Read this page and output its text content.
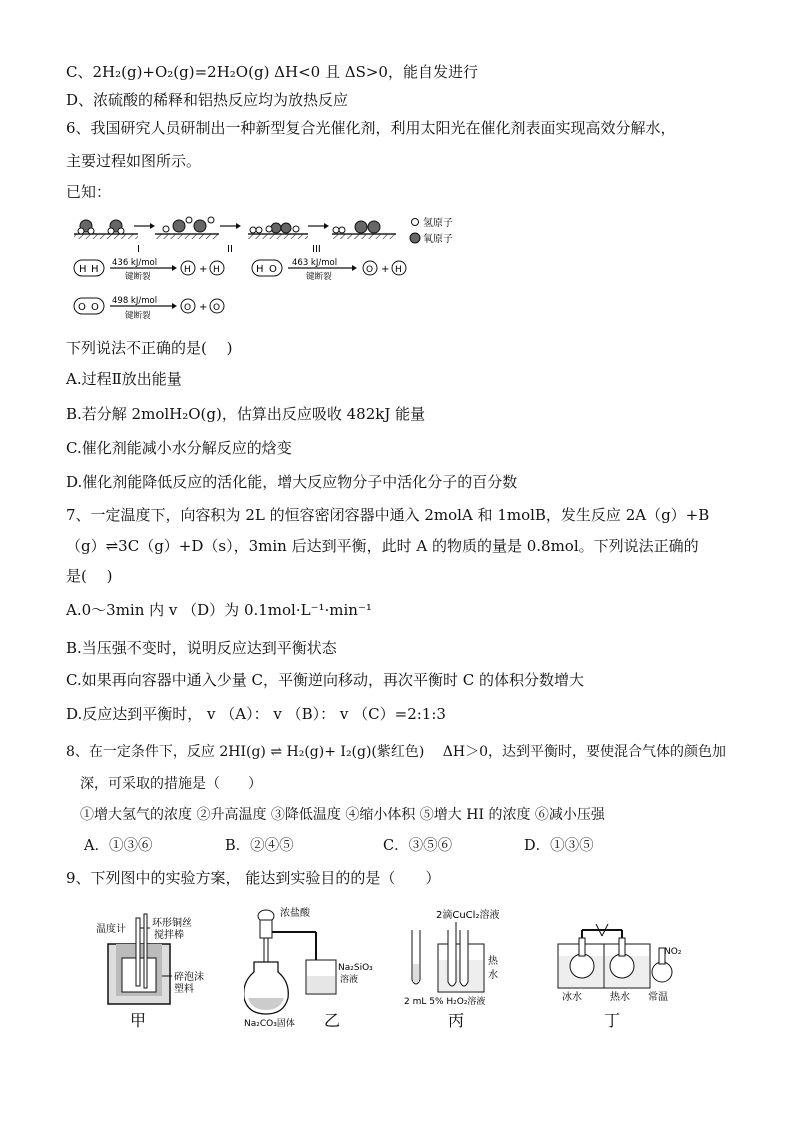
C、2H₂(g)+O₂(g)=2H₂O(g) ΔH<0 且 ΔS>0，能自发进行
D、浓硫酸的稀释和铝热反应均为放热反应
6、我国研究人员研制出一种新型复合光催化剂，利用太阳光在催化剂表面实现高效分解水，
主要过程如图所示。
已知：
I	II	III
氢原子
氧原子
H H
436 kJ/mol
键断裂
H + H	H O
463 kJ/mol
键断裂
O + H
O O
498 kJ/mol
键断裂
O + O
下列说法不正确的是(　 )
A.过程Ⅱ放出能量
B.若分解 2molH₂O(g)，估算出反应吸收 482kJ 能量
C.催化剂能减小水分解反应的焓变
D.催化剂能降低反应的活化能，增大反应物分子中活化分子的百分数
7、一定温度下，向容积为 2L 的恒容密闭容器中通入 2molA 和 1molB，发生反应 2A（g）+B
（g）⇌3C（g）+D（s），3min 后达到平衡，此时 A 的物质的量是 0.8mol。下列说法正确的
是(　 )
A.0～3min 内 v （D）为 0.1mol·L⁻¹·min⁻¹
B.当压强不变时，说明反应达到平衡状态
C.如果再向容器中通入少量 C，平衡逆向移动，再次平衡时 C 的体积分数增大
D.反应达到平衡时， v （A）： v （B）： v （C）=2:1:3
8、在一定条件下，反应 2HI(g) ⇌ H₂(g)+ I₂(g)(紫红色)　 ΔH＞0，达到平衡时，要使混合气体的颜色加
深，可采取的措施是（　　）
①增大氢气的浓度 ②升高温度 ③降低温度 ④缩小体积 ⑤增大 HI 的浓度 ⑥减小压强
A．①③⑥	B．②④⑤	C．③⑤⑥	D．①③⑤
9、下列图中的实验方案， 能达到实验目的的是（　　）
温度计
环形铜丝
搅拌棒
碎泡沫
塑料
甲
浓盐酸
Na₂SiO₃
溶液
Na₂CO₃固体 乙
2滴CuCl₂溶液
热
水
2 mL 5% H₂O₂溶液
丙
NO₂
冰水	热水 常温
丁
